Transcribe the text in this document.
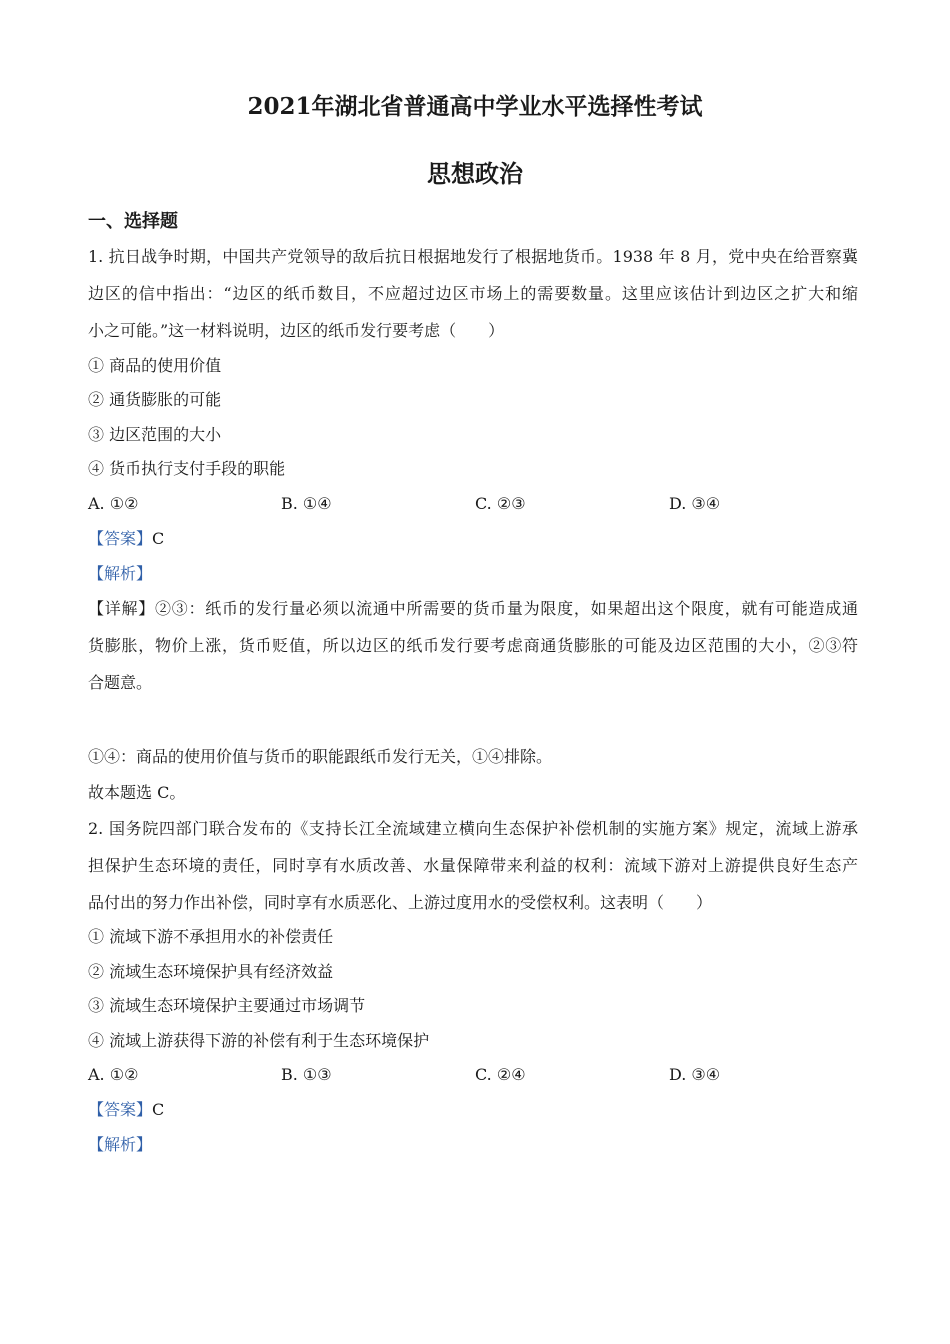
2021年湖北省普通高中学业水平选择性考试
思想政治
一、选择题
1. 抗日战争时期，中国共产党领导的敌后抗日根据地发行了根据地货币。1938 年 8 月，党中央在给晋察冀
边区的信中指出：“边区的纸币数目，不应超过边区市场上的需要数量。这里应该估计到边区之扩大和缩
小之可能。”这一材料说明，边区的纸币发行要考虑（　　）
① 商品的使用价值
② 通货膨胀的可能
③ 边区范围的大小
④ 货币执行支付手段的职能
A. ①②	B. ①④	C. ②③	D. ③④
【答案】C
【解析】
【详解】②③：纸币的发行量必须以流通中所需要的货币量为限度，如果超出这个限度，就有可能造成通
货膨胀，物价上涨，货币贬值，所以边区的纸币发行要考虑商通货膨胀的可能及边区范围的大小，②③符
合题意。
①④：商品的使用价值与货币的职能跟纸币发行无关，①④排除。
故本题选 C。
2. 国务院四部门联合发布的《支持长江全流域建立横向生态保护补偿机制的实施方案》规定，流域上游承
担保护生态环境的责任，同时享有水质改善、水量保障带来利益的权利：流域下游对上游提供良好生态产
品付出的努力作出补偿，同时享有水质恶化、上游过度用水的受偿权利。这表明（　　）
① 流域下游不承担用水的补偿责任
② 流域生态环境保护具有经济效益
③ 流域生态环境保护主要通过市场调节
④ 流域上游获得下游的补偿有利于生态环境保护
A. ①②	B. ①③	C. ②④	D. ③④
【答案】C
【解析】
